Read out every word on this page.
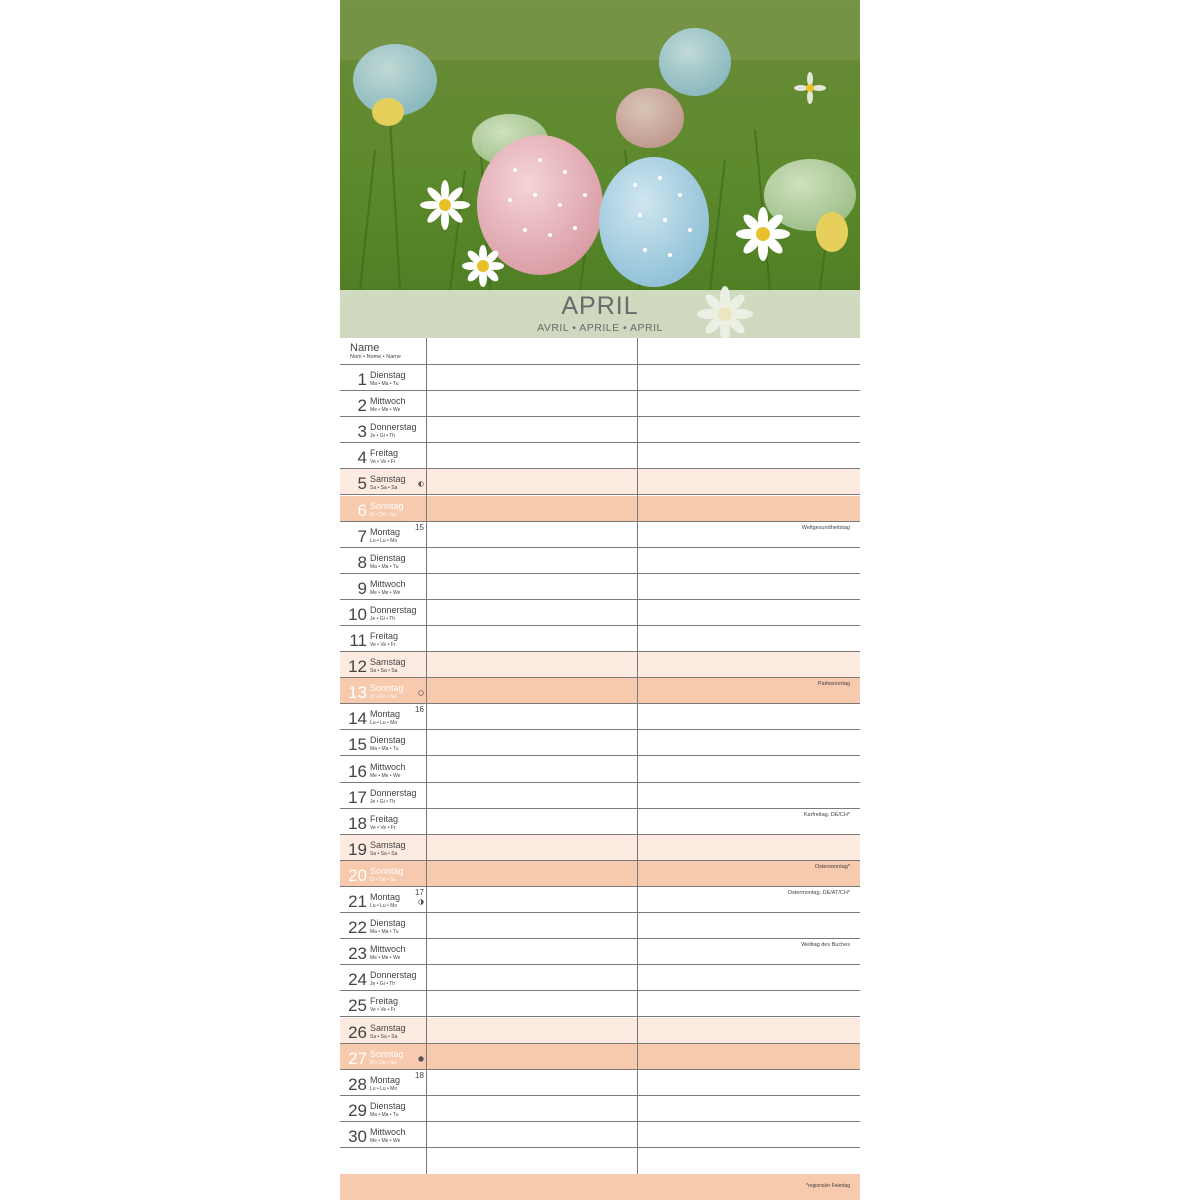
APRIL
AVRIL • APRILE • APRIL
Name
Nom • Nome • Name
1 Dienstag
Ma • Ma • Tu
2 Mittwoch
Me • Me • We
3 Donnerstag
Je • Gi • Th
4 Freitag
Ve • Ve • Fr
5 Samstag
Sa • Sa • Sa
6 Sonntag
Di • Do • Su
7 Montag
Lu • Lu • Mo
15	Weltgesundheitstag
8 Dienstag
Ma • Ma • Tu
9 Mittwoch
Me • Me • We
10 Donnerstag
Je • Gi • Th
11 Freitag
Ve • Ve • Fr
12 Samstag
Sa • Sa • Sa
13 Sonntag
Di • Do • Su
Palmsonntag
14 Montag
Lu • Lu • Mo
16
15 Dienstag
Ma • Ma • Tu
16 Mittwoch
Me • Me • We
17 Donnerstag
Je • Gi • Th
18 Freitag
Ve • Ve • Fr
Karfreitag, DE/CH*
19 Samstag
Sa • Sa • Sa
20 Sonntag
Di • Do • Su
Ostersonntag*
21 Montag
Lu • Lu • Mo
17	Ostermontag, DE/AT/CH*
22 Dienstag
Ma • Ma • Tu
23 Mittwoch
Me • Me • We
Welttag des Buches
24 Donnerstag
Je • Gi • Th
25 Freitag
Ve • Ve • Fr
26 Samstag
Sa • Sa • Sa
27 Sonntag
Di • Do • Su
28 Montag
Lu • Lu • Mo
18
29 Dienstag
Ma • Ma • Tu
30 Mittwoch
Me • Me • We
*regionaler Feiertag
